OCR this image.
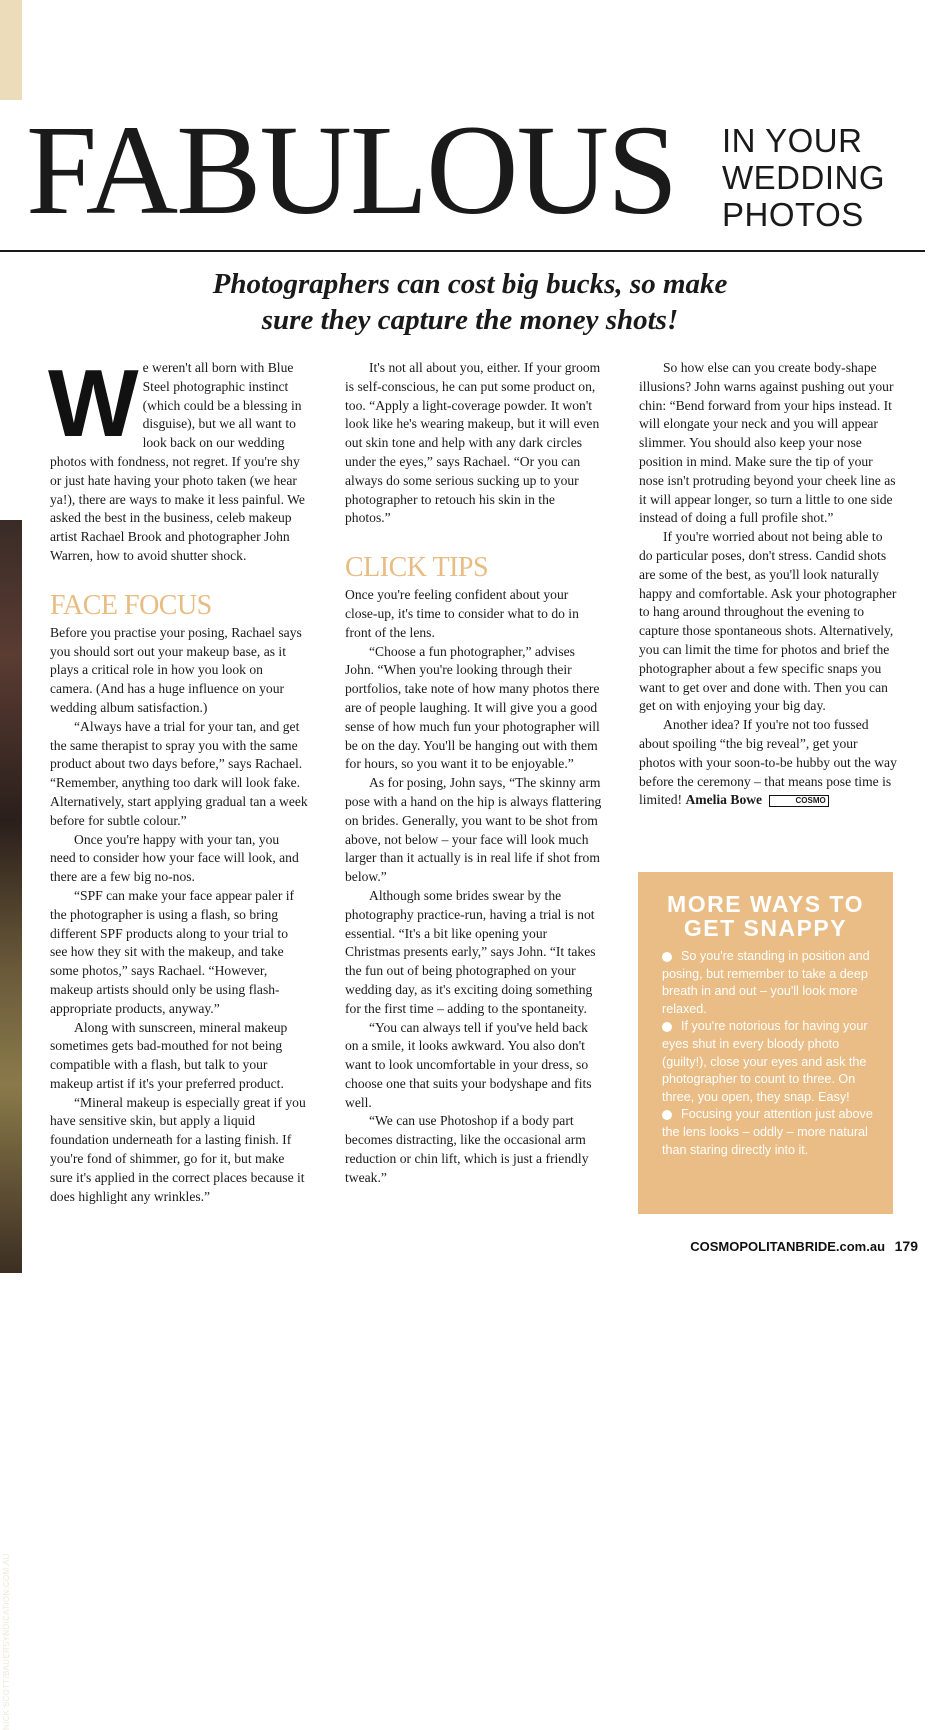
NICK SCOTT/BAUERSYNDICATION.COM.AU
FABULOUS IN YOUR
WEDDING
PHOTOS

Photographers can cost big bucks, so make
sure they capture the money shots!

W e weren't all born with Blue Steel photographic instinct (which could be a blessing in disguise), but we all want to look back on our wedding photos with fondness, not regret. If you're shy or just hate having your photo taken (we hear ya!), there are ways to make it less painful. We asked the best in the business, celeb makeup artist Rachael Brook and photographer John Warren, how to avoid shutter shock.

FACE FOCUS

Before you practise your posing, Rachael says you should sort out your makeup base, as it plays a critical role in how you look on camera. (And has a huge influence on your wedding album satisfaction.)

“Always have a trial for your tan, and get the same therapist to spray you with the same product about two days before,” says Rachael. “Remember, anything too dark will look fake. Alternatively, start applying gradual tan a week before for subtle colour.”

Once you're happy with your tan, you need to consider how your face will look, and there are a few big no-nos.

“SPF can make your face appear paler if the photographer is using a flash, so bring different SPF products along to your trial to see how they sit with the makeup, and take some photos,” says Rachael. “However, makeup artists should only be using flash-appropriate products, anyway.”

Along with sunscreen, mineral makeup sometimes gets bad-mouthed for not being compatible with a flash, but talk to your makeup artist if it's your preferred product.

“Mineral makeup is especially great if you have sensitive skin, but apply a liquid foundation underneath for a lasting finish. If you're fond of shimmer, go for it, but make sure it's applied in the correct places because it does highlight any wrinkles.”

It's not all about you, either. If your groom is self-conscious, he can put some product on, too. “Apply a light-coverage powder. It won't look like he's wearing makeup, but it will even out skin tone and help with any dark circles under the eyes,” says Rachael. “Or you can always do some serious sucking up to your photographer to retouch his skin in the photos.”

CLICK TIPS

Once you're feeling confident about your close-up, it's time to consider what to do in front of the lens.

“Choose a fun photographer,” advises John. “When you're looking through their portfolios, take note of how many photos there are of people laughing. It will give you a good sense of how much fun your photographer will be on the day. You'll be hanging out with them for hours, so you want it to be enjoyable.”

As for posing, John says, “The skinny arm pose with a hand on the hip is always flattering on brides. Generally, you want to be shot from above, not below – your face will look much larger than it actually is in real life if shot from below.”

Although some brides swear by the photography practice-run, having a trial is not essential. “It's a bit like opening your Christmas presents early,” says John. “It takes the fun out of being photographed on your wedding day, as it's exciting doing something for the first time – adding to the spontaneity.

“You can always tell if you've held back on a smile, it looks awkward. You also don't want to look uncomfortable in your dress, so choose one that suits your bodyshape and fits well.

“We can use Photoshop if a body part becomes distracting, like the occasional arm reduction or chin lift, which is just a friendly tweak.”

So how else can you create body-shape illusions? John warns against pushing out your chin: “Bend forward from your hips instead. It will elongate your neck and you will appear slimmer. You should also keep your nose position in mind. Make sure the tip of your nose isn't protruding beyond your cheek line as it will appear longer, so turn a little to one side instead of doing a full profile shot.”

If you're worried about not being able to do particular poses, don't stress. Candid shots are some of the best, as you'll look naturally happy and comfortable. Ask your photographer to hang around throughout the evening to capture those spontaneous shots. Alternatively, you can limit the time for photos and brief the photographer about a few specific snaps you want to get over and done with. Then you can get on with enjoying your big day.

Another idea? If you're not too fussed about spoiling “the big reveal”, get your photos with your soon-to-be hubby out the way before the ceremony – that means pose time is limited! Amelia Bowe	COSMO

MORE WAYS TO
GET SNAPPY
So you're standing in position and posing, but remember to take a deep breath in and out – you'll look more relaxed.
If you're notorious for having your eyes shut in every bloody photo (guilty!), close your eyes and ask the photographer to count to three. On three, you open, they snap. Easy!
Focusing your attention just above the lens looks – oddly – more natural than staring directly into it.
COSMOPOLITANBRIDE.com.au 179
